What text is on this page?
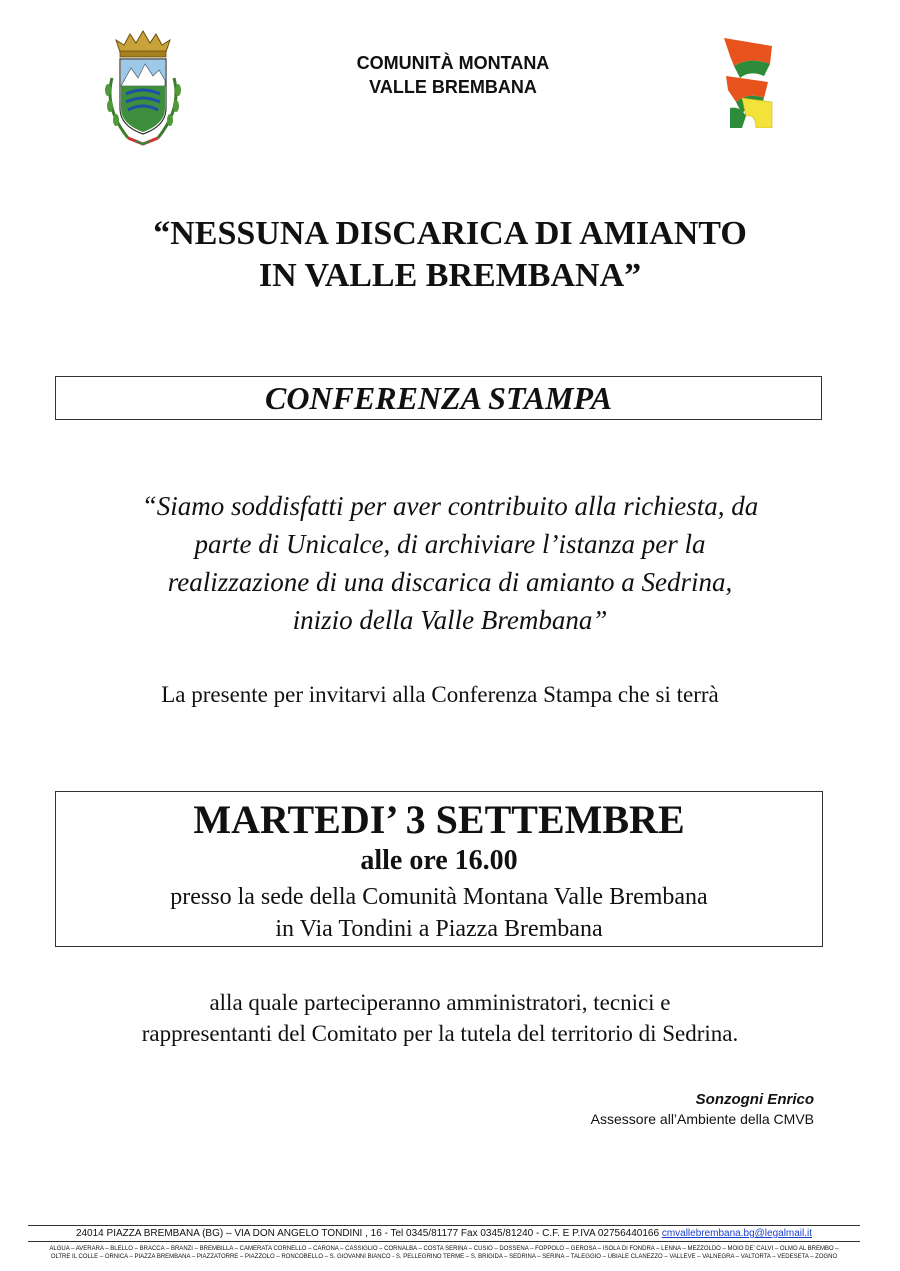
COMUNITÀ MONTANA
VALLE BREMBANA
“NESSUNA DISCARICA DI AMIANTO
IN VALLE BREMBANA”
CONFERENZA STAMPA
“Siamo soddisfatti per aver contribuito alla richiesta, da
parte di Unicalce, di archiviare l’istanza per la
realizzazione di una discarica di amianto a Sedrina,
inizio della Valle Brembana”
La presente per invitarvi alla Conferenza Stampa che si terrà
MARTEDI’ 3 SETTEMBRE
alle ore 16.00
presso la sede della Comunità Montana Valle Brembana
in Via Tondini a Piazza Brembana
alla quale parteciperanno amministratori, tecnici e
rappresentanti del Comitato per la tutela del territorio di Sedrina.
Sonzogni Enrico
Assessore all’Ambiente della CMVB
24014 PIAZZA BREMBANA (BG) – VIA DON ANGELO TONDINI , 16 - Tel 0345/81177 Fax 0345/81240 - C.F. E P.IVA 02756440166 cmvallebrembana.bg@legalmail.it
ALGUA – AVERARA – BLELLO – BRACCA – BRANZI – BREMBILLA – CAMERATA CORNELLO – CARONA – CASSIGLIO – CORNALBA – COSTA SERINA – CUSIO – DOSSENA – FOPPOLO – GEROSA – ISOLA DI FONDRA – LENNA – MEZZOLDO – MOIO DE’ CALVI – OLMO AL BREMBO –
OLTRE IL COLLE – ORNICA – PIAZZA BREMBANA – PIAZZATORRE – PIAZZOLO – RONCOBELLO – S. GIOVANNI BIANCO - S. PELLEGRINO TERME – S. BRIGIDA – SEDRINA – SERINA – TALEGGIO – UBIALE CLANEZZO – VALLEVE – VALNEGRA – VALTORTA – VEDESETA – ZOGNO
